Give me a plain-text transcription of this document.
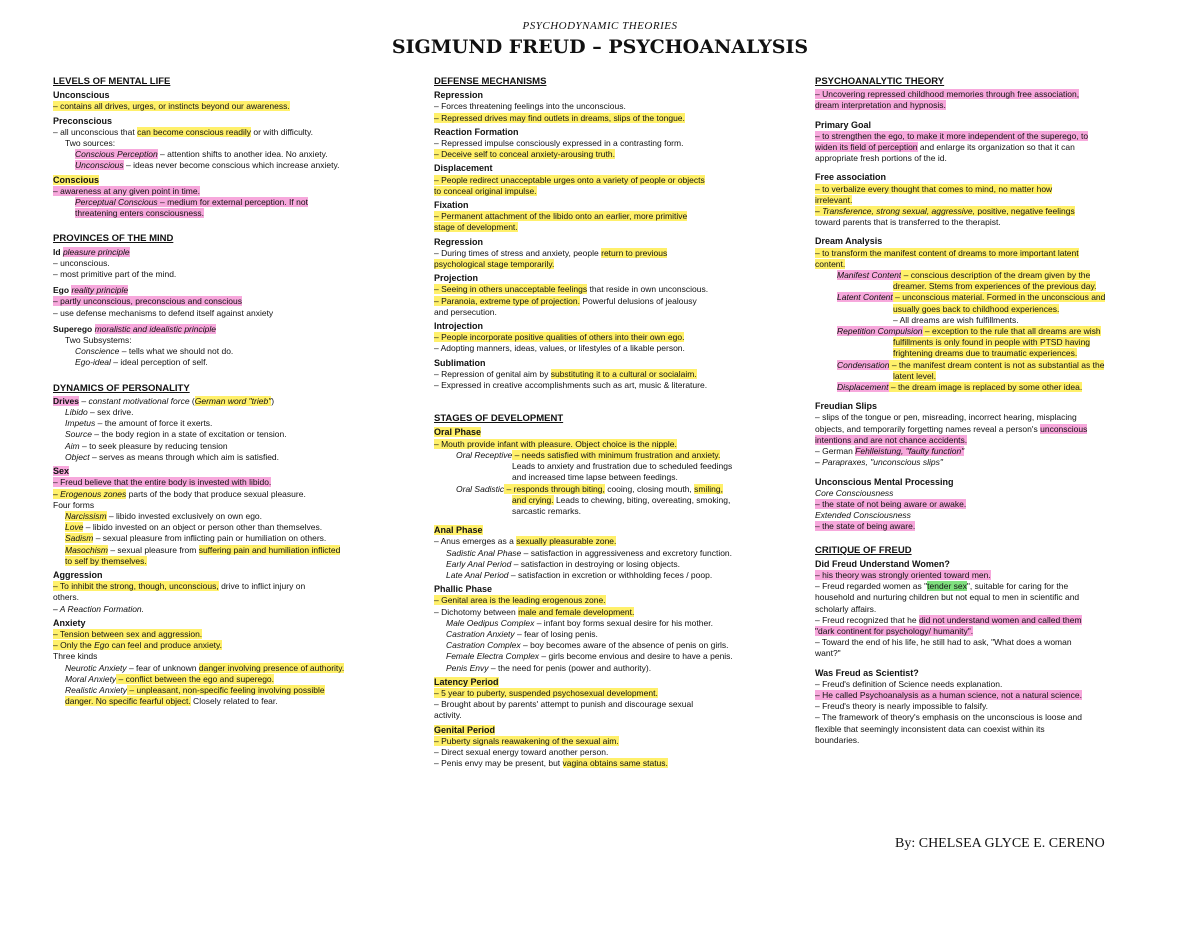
PSYCHODYNAMIC THEORIES
SIGMUND FREUD – PSYCHOANALYSIS
LEVELS OF MENTAL LIFE
Unconscious
– contains all drives, urges, or instincts beyond our awareness.
Preconscious
– all unconscious that can become conscious readily or with difficulty.
Two sources:
Conscious Perception – attention shifts to another idea. No anxiety.
Unconscious – ideas never become conscious which increase anxiety.
Conscious
– awareness at any given point in time.
Perceptual Conscious – medium for external perception. If not
threatening enters consciousness.
PROVINCES OF THE MIND
Id pleasure principle
– unconscious.
– most primitive part of the mind.
Ego reality principle
– partly unconscious, preconscious and conscious
– use defense mechanisms to defend itself against anxiety
Superego moralistic and idealistic principle
Two Subsystems:
Conscience – tells what we should not do.
Ego-ideal – ideal perception of self.
DYNAMICS OF PERSONALITY
Drives – constant motivational force (German word "trieb")
Libido – sex drive.
Impetus – the amount of force it exerts.
Source – the body region in a state of excitation or tension.
Aim – to seek pleasure by reducing tension
Object – serves as means through which aim is satisfied.
Sex
– Freud believe that the entire body is invested with libido.
– Erogenous zones parts of the body that produce sexual pleasure.
Four forms
Narcissism – libido invested exclusively on own ego.
Love – libido invested on an object or person other than themselves.
Sadism – sexual pleasure from inflicting pain or humiliation on others.
Masochism – sexual pleasure from suffering pain and humiliation inflicted
to self by themselves.
Aggression
– To inhibit the strong, though, unconscious, drive to inflict injury on
others.
– A Reaction Formation.
Anxiety
– Tension between sex and aggression.
– Only the Ego can feel and produce anxiety.
Three kinds
Neurotic Anxiety – fear of unknown danger involving presence of authority.
Moral Anxiety – conflict between the ego and superego.
Realistic Anxiety – unpleasant, non-specific feeling involving possible
danger. No specific fearful object. Closely related to fear.
DEFENSE MECHANISMS
Repression
– Forces threatening feelings into the unconscious.
– Repressed drives may find outlets in dreams, slips of the tongue.
Reaction Formation
– Repressed impulse consciously expressed in a contrasting form.
– Deceive self to conceal anxiety-arousing truth.
Displacement
– People redirect unacceptable urges onto a variety of people or objects
to conceal original impulse.
Fixation
– Permanent attachment of the libido onto an earlier, more primitive
stage of development.
Regression
– During times of stress and anxiety, people return to previous
psychological stage temporarily.
Projection
– Seeing in others unacceptable feelings that reside in own unconscious.
– Paranoia, extreme type of projection. Powerful delusions of jealousy
and persecution.
Introjection
– People incorporate positive qualities of others into their own ego.
– Adopting manners, ideas, values, or lifestyles of a likable person.
Sublimation
– Repression of genital aim by substituting it to a cultural or socialaim.
– Expressed in creative accomplishments such as art, music & literature.
STAGES OF DEVELOPMENT
Oral Phase
– Mouth provide infant with pleasure. Object choice is the nipple.
Oral Receptive – needs satisfied with minimum frustration and anxiety.
Leads to anxiety and frustration due to scheduled feedings
and increased time lapse between feedings.
Oral Sadistic – responds through biting, cooing, closing mouth, smiling,
and crying. Leads to chewing, biting, overeating, smoking,
sarcastic remarks.
Anal Phase
– Anus emerges as a sexually pleasurable zone.
Sadistic Anal Phase – satisfaction in aggressiveness and excretory function.
Early Anal Period – satisfaction in destroying or losing objects.
Late Anal Period – satisfaction in excretion or withholding feces / poop.
Phallic Phase
– Genital area is the leading erogenous zone.
– Dichotomy between male and female development.
Male Oedipus Complex – infant boy forms sexual desire for his mother.
Castration Anxiety – fear of losing penis.
Castration Complex – boy becomes aware of the absence of penis on girls.
Female Electra Complex – girls become envious and desire to have a penis.
Penis Envy – the need for penis (power and authority).
Latency Period
– 5 year to puberty, suspended psychosexual development.
– Brought about by parents' attempt to punish and discourage sexual
activity.
Genital Period
– Puberty signals reawakening of the sexual aim.
– Direct sexual energy toward another person.
– Penis envy may be present, but vagina obtains same status.
PSYCHOANALYTIC THEORY
– Uncovering repressed childhood memories through free association,
dream interpretation and hypnosis.
Primary Goal
– to strengthen the ego, to make it more independent of the superego, to
widen its field of perception and enlarge its organization so that it can
appropriate fresh portions of the id.
Free association
– to verbalize every thought that comes to mind, no matter how
irrelevant.
– Transference, strong sexual, aggressive, positive, negative feelings
toward parents that is transferred to the therapist.
Dream Analysis
– to transform the manifest content of dreams to more important latent
content.
Manifest Content – conscious description of the dream given by the
dreamer. Stems from experiences of the previous day.
Latent Content – unconscious material. Formed in the unconscious and
usually goes back to childhood experiences.
– All dreams are wish fulfillments.
Repetition Compulsion – exception to the rule that all dreams are wish
fulfillments is only found in people with PTSD having
frightening dreams due to traumatic experiences.
Condensation – the manifest dream content is not as substantial as the
latent level.
Displacement – the dream image is replaced by some other idea.
Freudian Slips
– slips of the tongue or pen, misreading, incorrect hearing, misplacing
objects, and temporarily forgetting names reveal a person's unconscious
intentions and are not chance accidents.
– German Fehlleistung, "faulty function"
– Parapraxes, "unconscious slips"
Unconscious Mental Processing
Core Consciousness
– the state of not being aware or awake.
Extended Consciousness
– the state of being aware.
CRITIQUE OF FREUD
Did Freud Understand Women?
– his theory was strongly oriented toward men.
– Freud regarded women as "tender sex", suitable for caring for the
household and nurturing children but not equal to men in scientific and
scholarly affairs.
– Freud recognized that he did not understand women and called them
"dark continent for psychology/ humanity".
– Toward the end of his life, he still had to ask, "What does a woman
want?"
Was Freud as Scientist?
– Freud's definition of Science needs explanation.
– He called Psychoanalysis as a human science, not a natural science.
– Freud's theory is nearly impossible to falsify.
– The framework of theory's emphasis on the unconscious is loose and
flexible that seemingly inconsistent data can coexist within its
boundaries.
By: CHELSEA GLYCE E. CERENO
